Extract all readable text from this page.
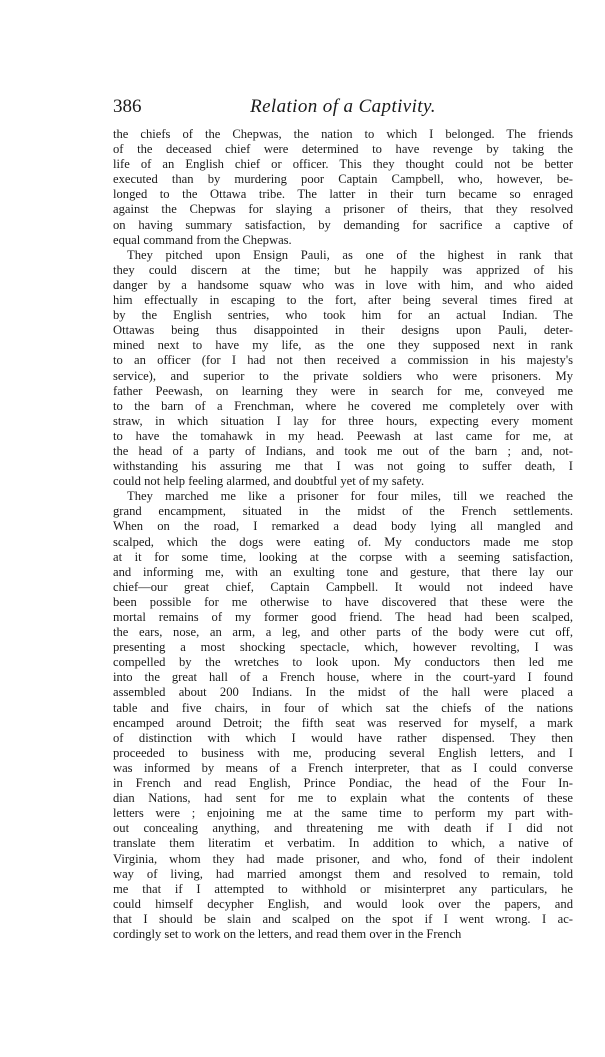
386	Relation of a Captivity.
the chiefs of the Chepwas, the nation to which I belonged. The friends
of the deceased chief were determined to have revenge by taking the
life of an English chief or officer. This they thought could not be better
executed than by murdering poor Captain Campbell, who, however, be-
longed to the Ottawa tribe. The latter in their turn became so enraged
against the Chepwas for slaying a prisoner of theirs, that they resolved
on having summary satisfaction, by demanding for sacrifice a captive of
equal command from the Chepwas.
They pitched upon Ensign Pauli, as one of the highest in rank that
they could discern at the time; but he happily was apprized of his
danger by a handsome squaw who was in love with him, and who aided
him effectually in escaping to the fort, after being several times fired at
by the English sentries, who took him for an actual Indian. The
Ottawas being thus disappointed in their designs upon Pauli, deter-
mined next to have my life, as the one they supposed next in rank
to an officer (for I had not then received a commission in his majesty's
service), and superior to the private soldiers who were prisoners. My
father Peewash, on learning they were in search for me, conveyed me
to the barn of a Frenchman, where he covered me completely over with
straw, in which situation I lay for three hours, expecting every moment
to have the tomahawk in my head. Peewash at last came for me, at
the head of a party of Indians, and took me out of the barn ; and, not-
withstanding his assuring me that I was not going to suffer death, I
could not help feeling alarmed, and doubtful yet of my safety.
They marched me like a prisoner for four miles, till we reached the
grand encampment, situated in the midst of the French settlements.
When on the road, I remarked a dead body lying all mangled and
scalped, which the dogs were eating of. My conductors made me stop
at it for some time, looking at the corpse with a seeming satisfaction,
and informing me, with an exulting tone and gesture, that there lay our
chief—our great chief, Captain Campbell. It would not indeed have
been possible for me otherwise to have discovered that these were the
mortal remains of my former good friend. The head had been scalped,
the ears, nose, an arm, a leg, and other parts of the body were cut off,
presenting a most shocking spectacle, which, however revolting, I was
compelled by the wretches to look upon. My conductors then led me
into the great hall of a French house, where in the court-yard I found
assembled about 200 Indians. In the midst of the hall were placed a
table and five chairs, in four of which sat the chiefs of the nations
encamped around Detroit; the fifth seat was reserved for myself, a mark
of distinction with which I would have rather dispensed. They then
proceeded to business with me, producing several English letters, and I
was informed by means of a French interpreter, that as I could converse
in French and read English, Prince Pondiac, the head of the Four In-
dian Nations, had sent for me to explain what the contents of these
letters were ; enjoining me at the same time to perform my part with-
out concealing anything, and threatening me with death if I did not
translate them literatim et verbatim. In addition to which, a native of
Virginia, whom they had made prisoner, and who, fond of their indolent
way of living, had married amongst them and resolved to remain, told
me that if I attempted to withhold or misinterpret any particulars, he
could himself decypher English, and would look over the papers, and
that I should be slain and scalped on the spot if I went wrong. I ac-
cordingly set to work on the letters, and read them over in the French
